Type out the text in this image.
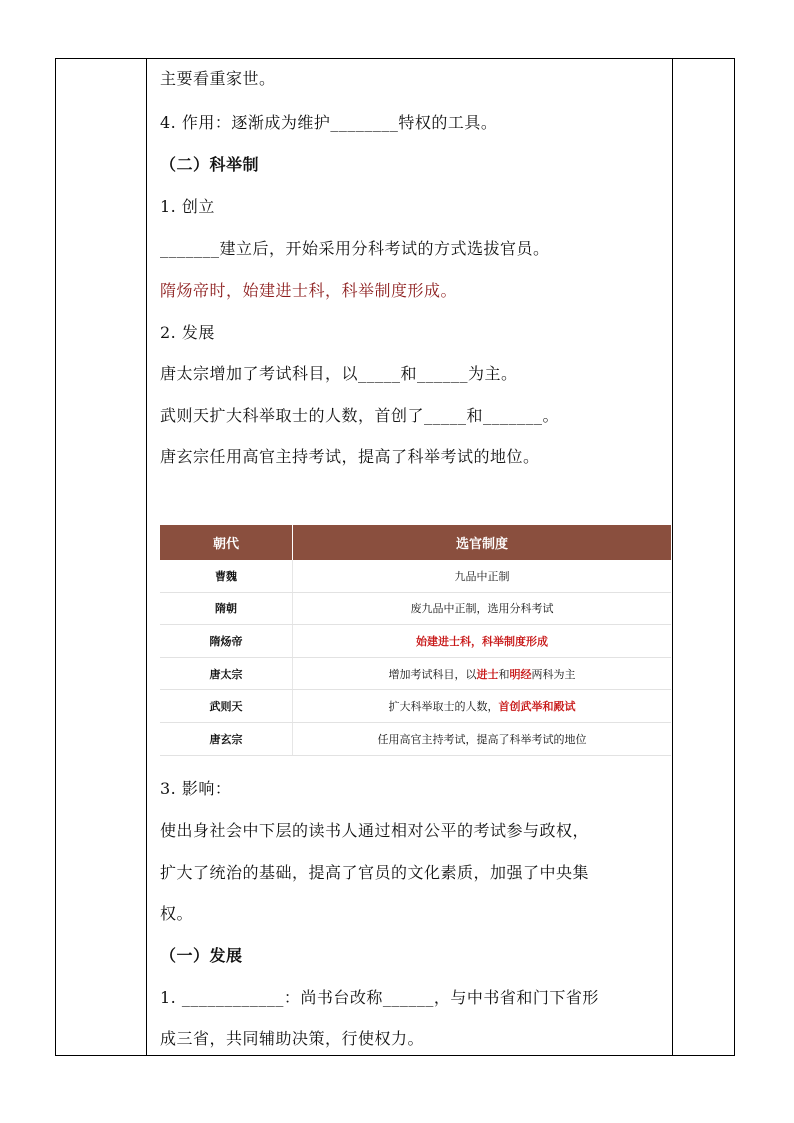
主要看重家世。
4. 作用：逐渐成为维护________特权的工具。
（二）科举制
1. 创立
_______建立后，开始采用分科考试的方式选拔官员。
隋炀帝时，始建进士科，科举制度形成。
2. 发展
唐太宗增加了考试科目，以_____和______为主。
武则天扩大科举取士的人数，首创了_____和_______。
唐玄宗任用高官主持考试，提高了科举考试的地位。
朝代	选官制度
曹魏	九品中正制
隋朝	废九品中正制，选用分科考试
隋炀帝	始建进士科，科举制度形成
唐太宗	增加考试科目，以进士和明经两科为主
武则天	扩大科举取士的人数，首创武举和殿试
唐玄宗	任用高官主持考试，提高了科举考试的地位
3. 影响：
使出身社会中下层的读书人通过相对公平的考试参与政权，
扩大了统治的基础，提高了官员的文化素质，加强了中央集
权。
（一）发展
1. ____________：尚书台改称______，与中书省和门下省形
成三省，共同辅助决策，行使权力。
